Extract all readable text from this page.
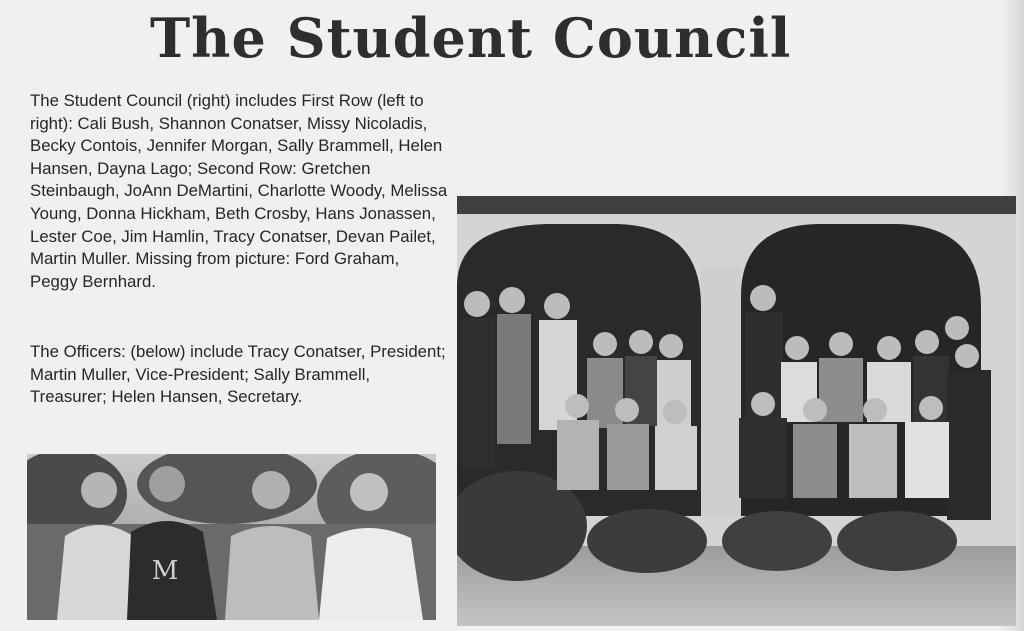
The Student Council

The Student Council (right) includes First Row (left to right): Cali Bush, Shannon Conatser, Missy Nicoladis, Becky Contois, Jennifer Morgan, Sally Brammell, Helen Hansen, Dayna Lago; Second Row: Gretchen Steinbaugh, JoAnn DeMartini, Charlotte Woody, Melissa Young, Donna Hickham, Beth Crosby, Hans Jonassen, Lester Coe, Jim Hamlin, Tracy Conatser, Devan Pailet, Martin Muller. Missing from picture: Ford Graham, Peggy Bernhard.

The Officers: (below) include Tracy Conatser, President; Martin Muller, Vice-President; Sally Brammell, Treasurer; Helen Hansen, Secretary.

M
